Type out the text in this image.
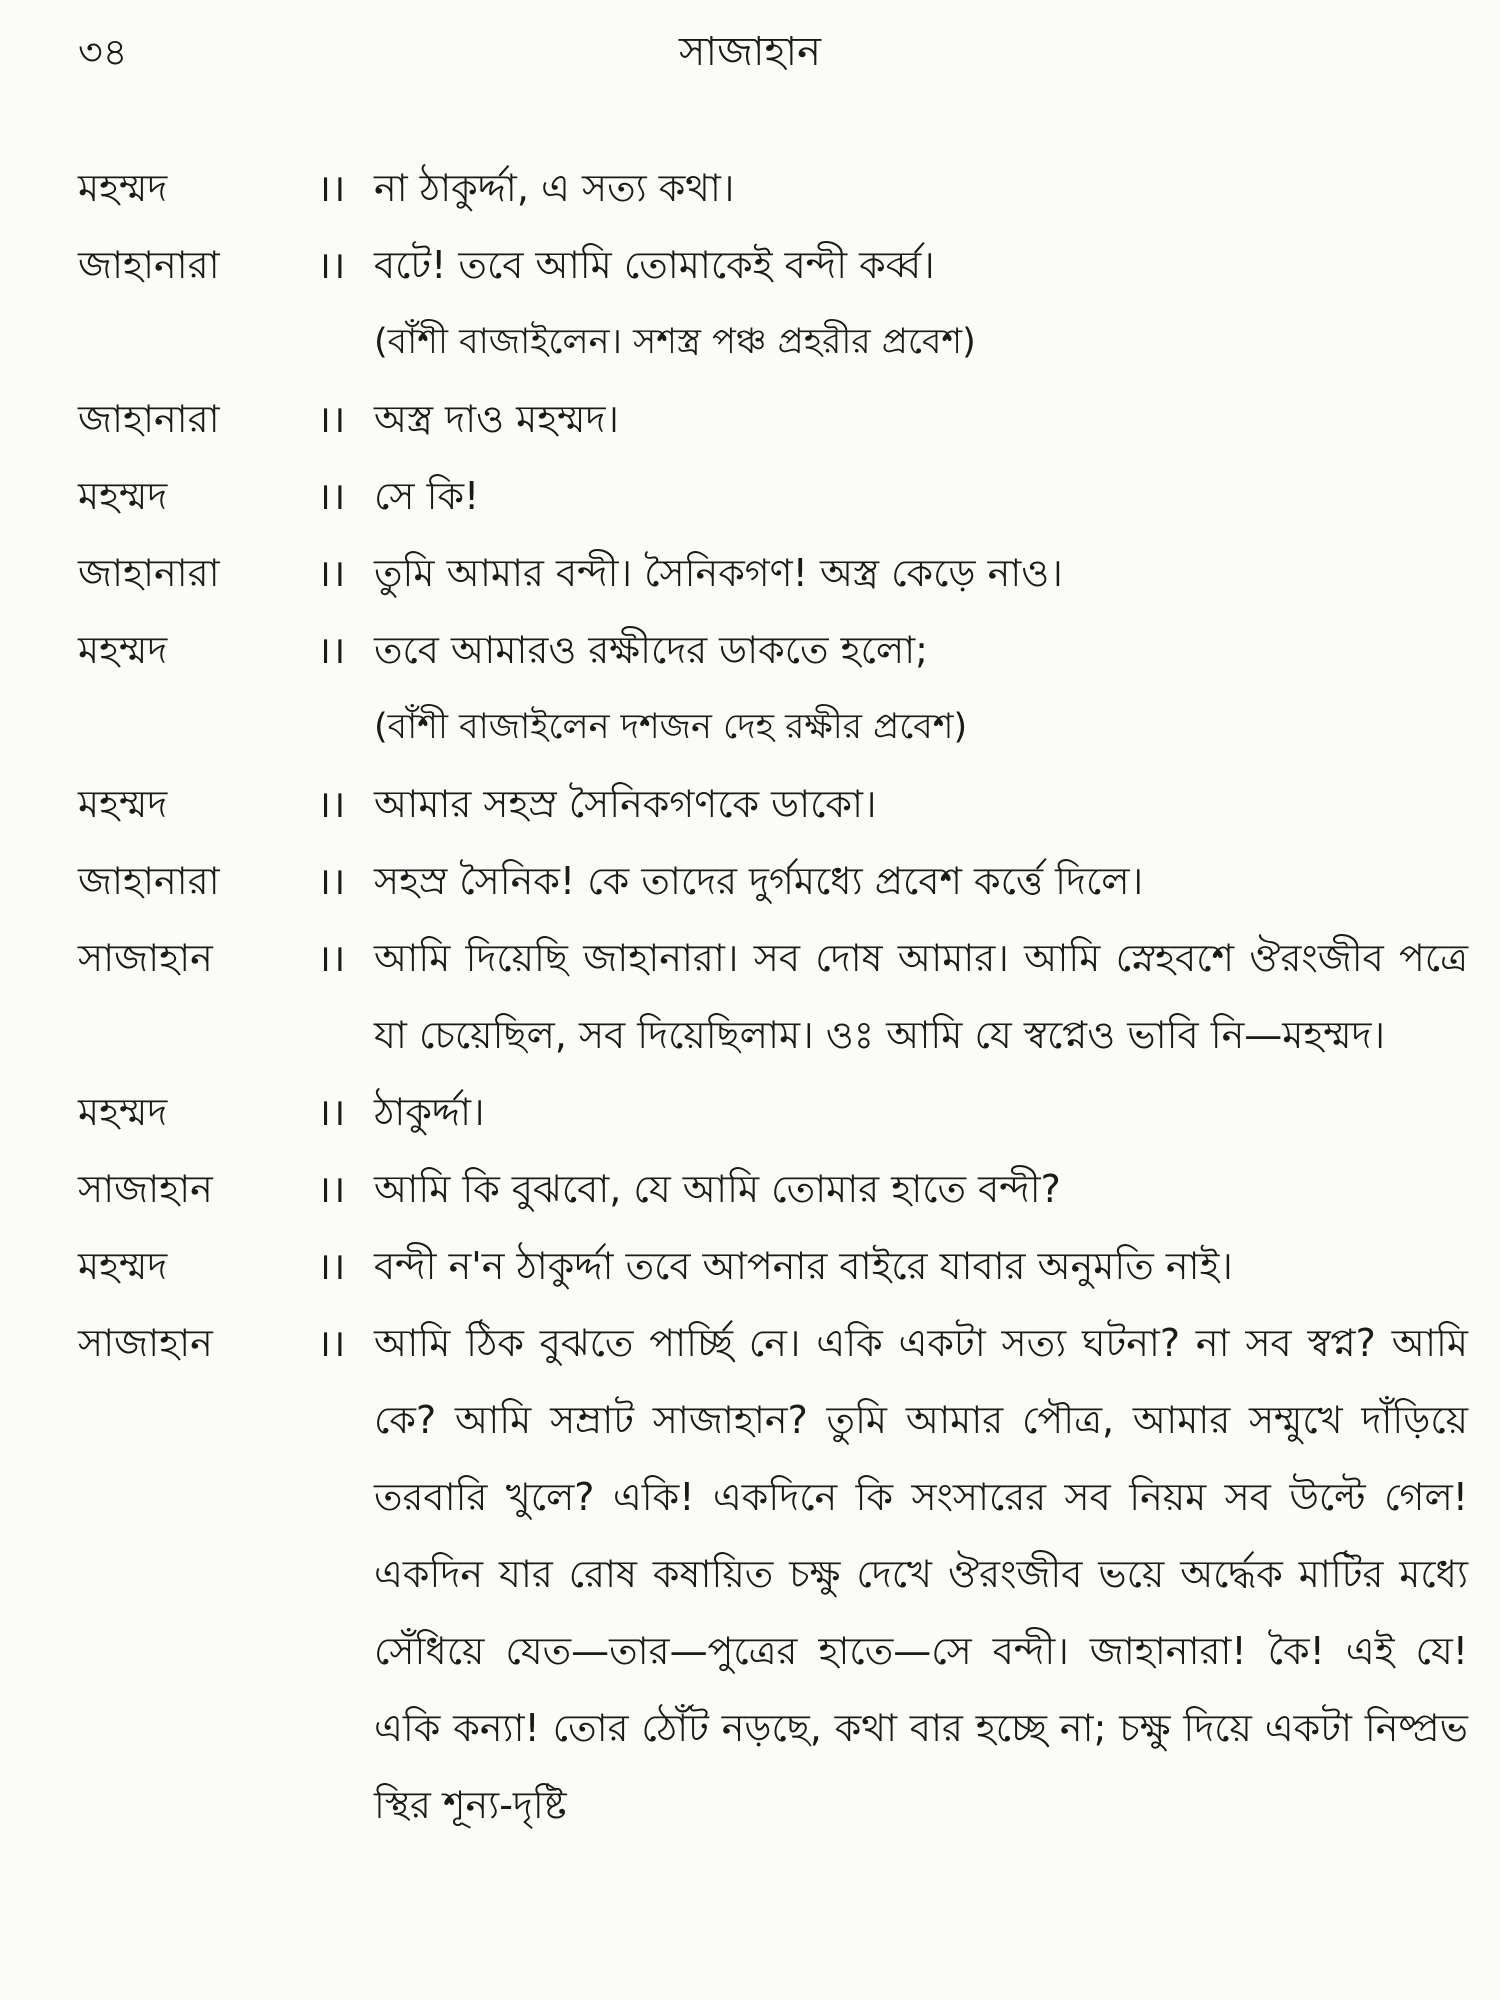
৩৪	সাজাহান
মহম্মদ	।। না ঠাকুর্দ্দা, এ সত্য কথা।
জাহানারা	।। বটে! তবে আমি তোমাকেই বন্দী কর্ব্ব।
(বাঁশী বাজাইলেন। সশস্ত্র পঞ্চ প্রহরীর প্রবেশ)
জাহানারা	।। অস্ত্র দাও মহম্মদ।
মহম্মদ	।। সে কি!
জাহানারা	।। তুমি আমার বন্দী। সৈনিকগণ! অস্ত্র কেড়ে নাও।
মহম্মদ	।। তবে আমারও রক্ষীদের ডাকতে হলো;
(বাঁশী বাজাইলেন দশজন দেহ রক্ষীর প্রবেশ)
মহম্মদ	।। আমার সহস্র সৈনিকগণকে ডাকো।
জাহানারা	।। সহস্র সৈনিক! কে তাদের দুর্গমধ্যে প্রবেশ কর্ত্তে দিলে।
সাজাহান	।। আমি দিয়েছি জাহানারা। সব দোষ আমার। আমি স্নেহবশে ঔরংজীব পত্রে যা চেয়েছিল, সব দিয়েছিলাম। ওঃ আমি যে স্বপ্নেও ভাবি নি—মহম্মদ।
মহম্মদ	।। ঠাকুর্দ্দা।
সাজাহান	।। আমি কি বুঝবো, যে আমি তোমার হাতে বন্দী?
মহম্মদ	।। বন্দী ন'ন ঠাকুর্দ্দা তবে আপনার বাইরে যাবার অনুমতি নাই।
সাজাহান	।। আমি ঠিক বুঝতে পার্চ্ছি নে। একি একটা সত্য ঘটনা? না সব স্বপ্ন? আমি কে? আমি সম্রাট সাজাহান? তুমি আমার পৌত্র, আমার সম্মুখে দাঁড়িয়ে তরবারি খুলে? একি! একদিনে কি সংসারের সব নিয়ম সব উল্টে গেল! একদিন যার রোষ কষায়িত চক্ষু দেখে ঔরংজীব ভয়ে অর্দ্ধেক মাটির মধ্যে সেঁধিয়ে যেত—তার—পুত্রের হাতে—সে বন্দী। জাহানারা! কৈ! এই যে! একি কন্যা! তোর ঠোঁট নড়ছে, কথা বার হচ্ছে না; চক্ষু দিয়ে একটা নিষ্প্রভ স্থির শূন্য-দৃষ্টি
